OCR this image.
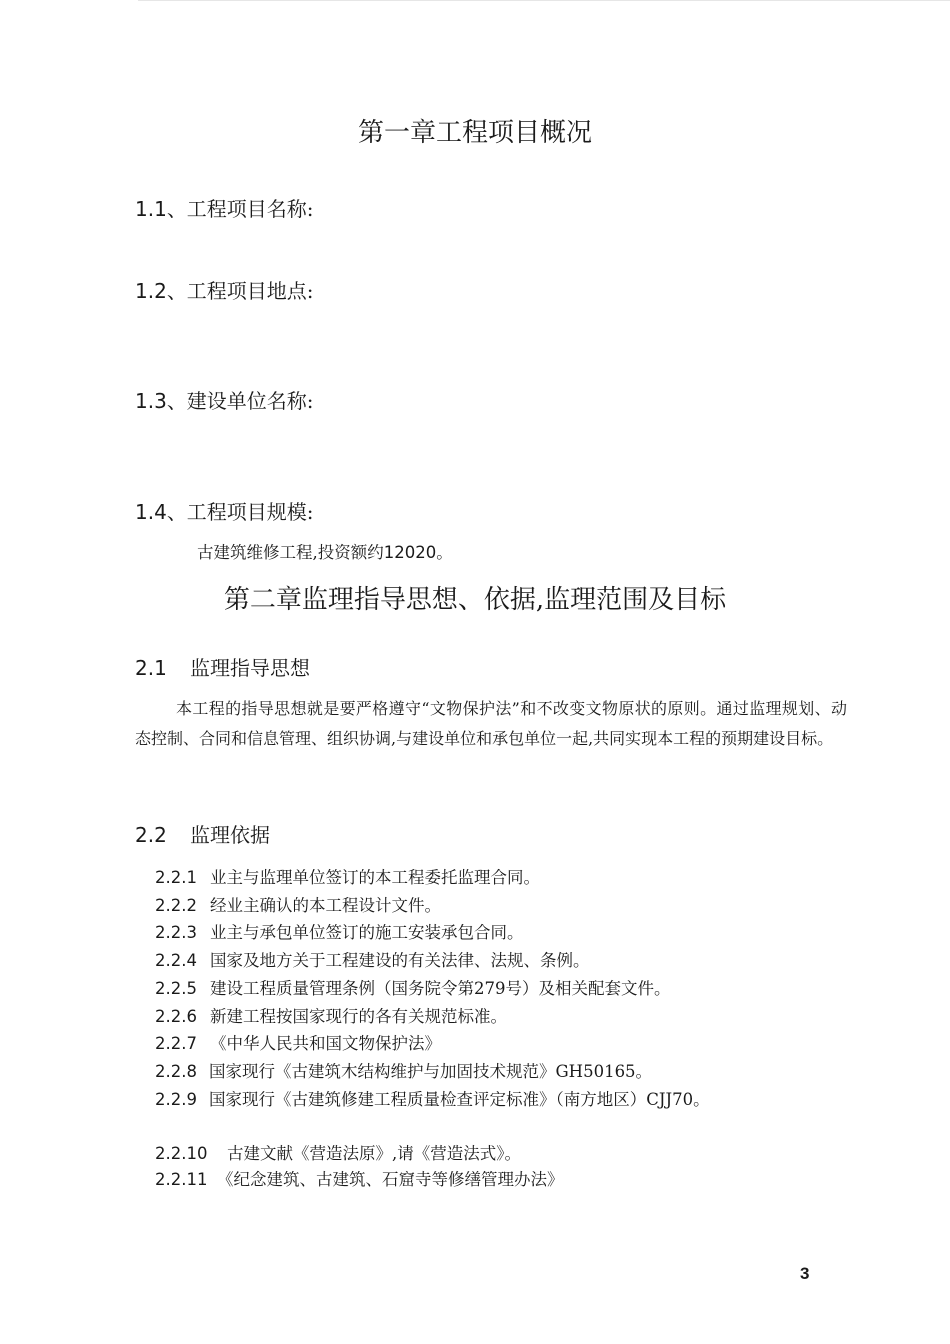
第一章工程项目概况
1.1、工程项目名称:
1.2、工程项目地点:
1.3、建设单位名称:
1.4、工程项目规模:
古建筑维修工程,投资额约12020。
第二章监理指导思想、依据,监理范围及目标
2.1 监理指导思想
本工程的指导思想就是要严格遵守“文物保护法”和不改变文物原状的原则。通过监理规划、动态控制、合同和信息管理、组织协调,与建设单位和承包单位一起,共同实现本工程的预期建设目标。
2.2 监理依据
2.2.1 业主与监理单位签订的本工程委托监理合同。
2.2.2 经业主确认的本工程设计文件。
2.2.3 业主与承包单位签订的施工安装承包合同。
2.2.4 国家及地方关于工程建设的有关法律、法规、条例。
2.2.5 建设工程质量管理条例（国务院令第279号）及相关配套文件。
2.2.6 新建工程按国家现行的各有关规范标准。
2.2.7 《中华人民共和国文物保护法》
2.2.8 国家现行《古建筑木结构维护与加固技术规范》GH50165。
2.2.9 国家现行《古建筑修建工程质量检查评定标准》（南方地区）CJJ70。
2.2.10 古建文献《营造法原》,请《营造法式》。
2.2.11 《纪念建筑、古建筑、石窟寺等修缮管理办法》
3
